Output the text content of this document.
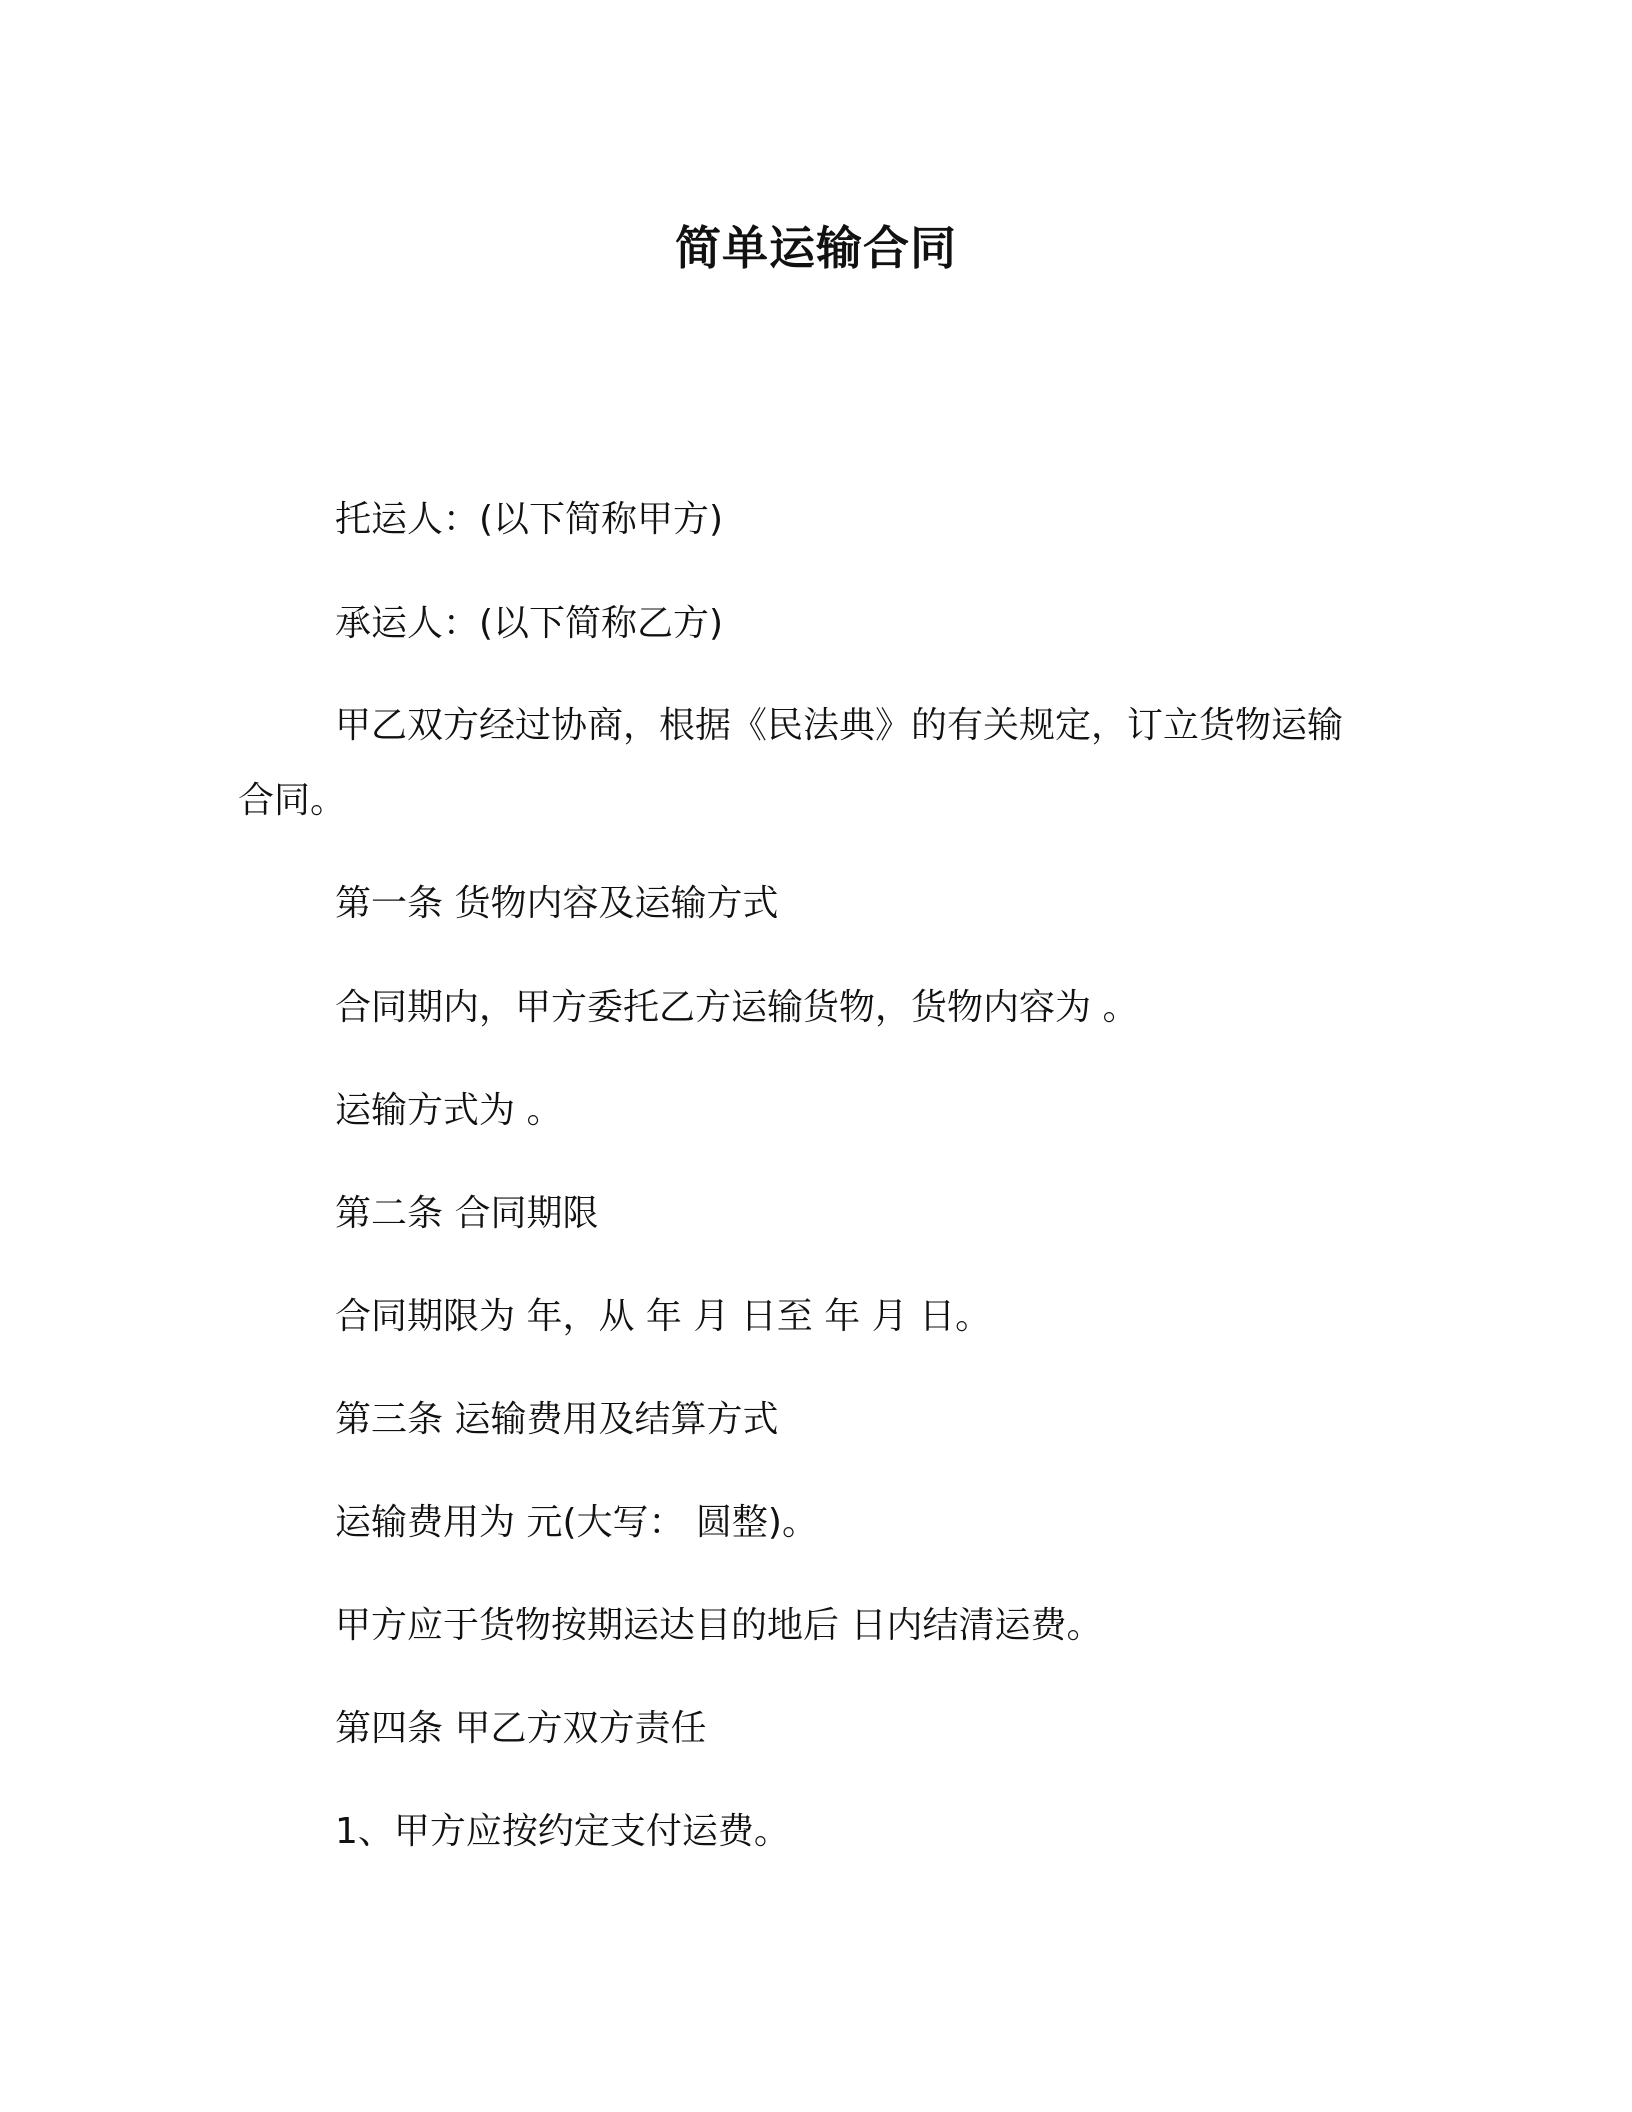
简单运输合同
托运人：(以下简称甲方)
承运人：(以下简称乙方)
甲乙双方经过协商，根据《民法典》的有关规定，订立货物运输
合同。
第一条 货物内容及运输方式
合同期内，甲方委托乙方运输货物，货物内容为 。
运输方式为 。
第二条 合同期限
合同期限为 年，从 年 月 日至 年 月 日。
第三条 运输费用及结算方式
运输费用为 元(大写： 圆整)。
甲方应于货物按期运达目的地后 日内结清运费。
第四条 甲乙方双方责任
1、甲方应按约定支付运费。
